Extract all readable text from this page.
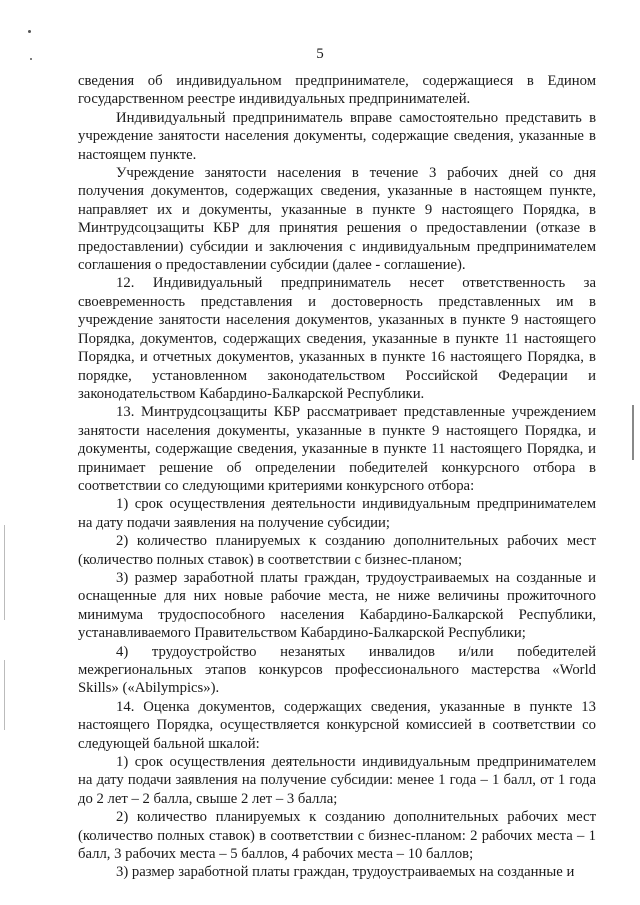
5

сведения об индивидуальном предпринимателе, содержащиеся в Едином государственном реестре индивидуальных предпринимателей.

Индивидуальный предприниматель вправе самостоятельно представить в учреждение занятости населения документы, содержащие сведения, указанные в настоящем пункте.

Учреждение занятости населения в течение 3 рабочих дней со дня получения документов, содержащих сведения, указанные в настоящем пункте, направляет их и документы, указанные в пункте 9 настоящего Порядка, в Минтрудсоцзащиты КБР для принятия решения о предоставлении (отказе в предоставлении) субсидии и заключения с индивидуальным предпринимателем соглашения о предоставлении субсидии (далее - соглашение).

12. Индивидуальный предприниматель несет ответственность за своевременность представления и достоверность представленных им в учреждение занятости населения документов, указанных в пункте 9 настоящего Порядка, документов, содержащих сведения, указанные в пункте 11 настоящего Порядка, и отчетных документов, указанных в пункте 16 настоящего Порядка, в порядке, установленном законодательством Российской Федерации и законодательством Кабардино-Балкарской Республики.

13. Минтрудсоцзащиты КБР рассматривает представленные учреждением занятости населения документы, указанные в пункте 9 настоящего Порядка, и документы, содержащие сведения, указанные в пункте 11 настоящего Порядка, и принимает решение об определении победителей конкурсного отбора в соответствии со следующими критериями конкурсного отбора:

1) срок осуществления деятельности индивидуальным предпринимателем на дату подачи заявления на получение субсидии;

2) количество планируемых к созданию дополнительных рабочих мест (количество полных ставок) в соответствии с бизнес-планом;

3) размер заработной платы граждан, трудоустраиваемых на созданные и оснащенные для них новые рабочие места, не ниже величины прожиточного минимума трудоспособного населения Кабардино-Балкарской Республики, устанавливаемого Правительством Кабардино-Балкарской Республики;

4) трудоустройство незанятых инвалидов и/или победителей межрегиональных этапов конкурсов профессионального мастерства «World Skills» («Abilympics»).

14. Оценка документов, содержащих сведения, указанные в пункте 13 настоящего Порядка, осуществляется конкурсной комиссией в соответствии со следующей бальной шкалой:

1) срок осуществления деятельности индивидуальным предпринимателем на дату подачи заявления на получение субсидии: менее 1 года – 1 балл, от 1 года до 2 лет – 2 балла, свыше 2 лет – 3 балла;

2) количество планируемых к созданию дополнительных рабочих мест (количество полных ставок) в соответствии с бизнес-планом: 2 рабочих места – 1 балл, 3 рабочих места – 5 баллов, 4 рабочих места – 10 баллов;

3) размер заработной платы граждан, трудоустраиваемых на созданные и
